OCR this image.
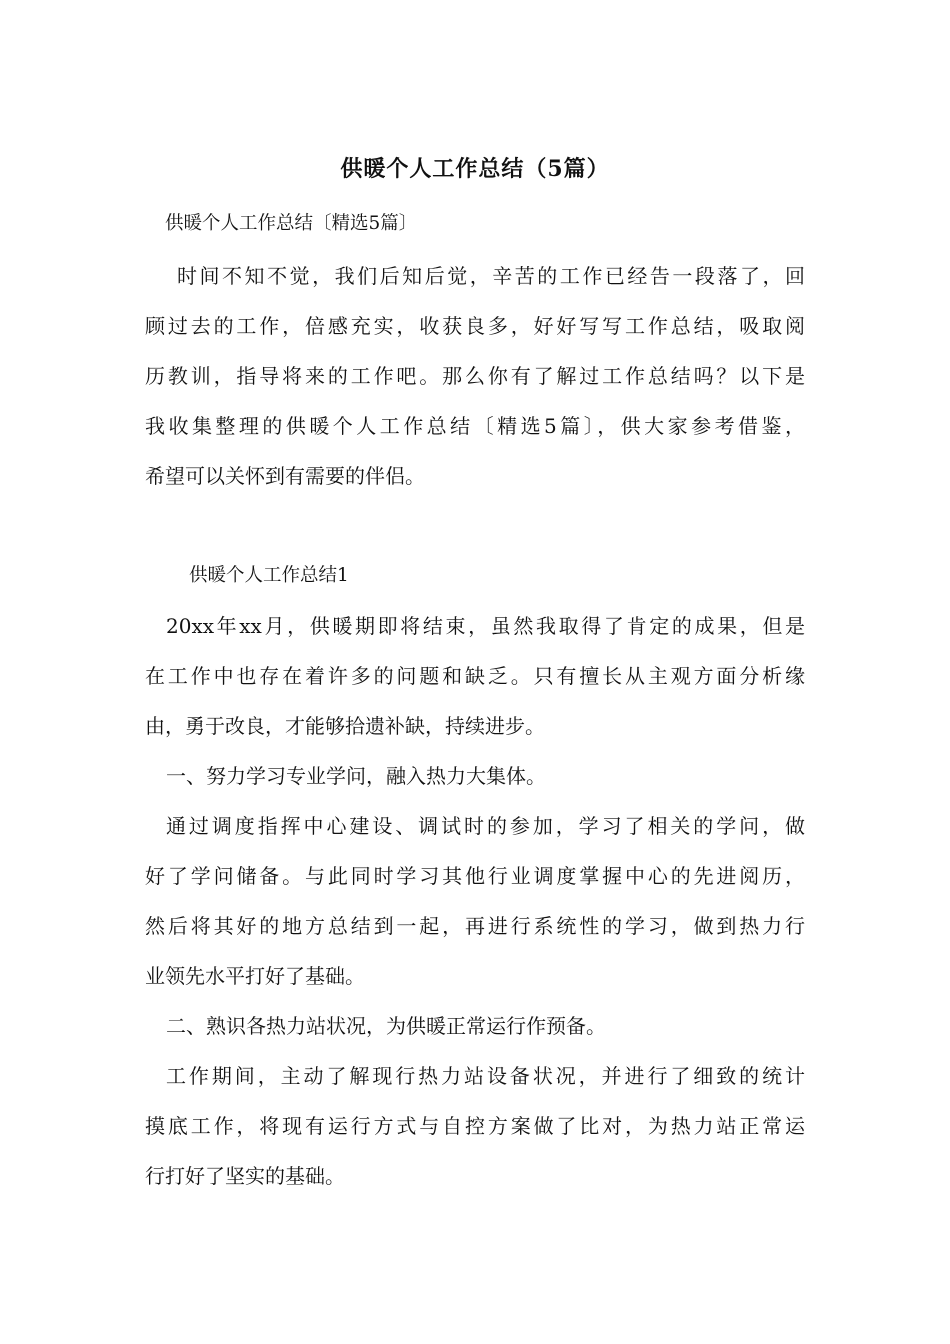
供暖个人工作总结（5篇）
供暖个人工作总结〔精选5篇〕
时间不知不觉，我们后知后觉，辛苦的工作已经告一段落了，回
顾过去的工作，倍感充实，收获良多，好好写写工作总结，吸取阅
历教训，指导将来的工作吧。那么你有了解过工作总结吗？以下是
我收集整理的供暖个人工作总结〔精选5篇〕，供大家参考借鉴，
希望可以关怀到有需要的伴侣。
供暖个人工作总结1
20xx年xx月，供暖期即将结束，虽然我取得了肯定的成果，但是
在工作中也存在着许多的问题和缺乏。只有擅长从主观方面分析缘
由，勇于改良，才能够拾遗补缺，持续进步。
一、努力学习专业学问，融入热力大集体。
通过调度指挥中心建设、调试时的参加，学习了相关的学问，做
好了学问储备。与此同时学习其他行业调度掌握中心的先进阅历，
然后将其好的地方总结到一起，再进行系统性的学习，做到热力行
业领先水平打好了基础。
二、熟识各热力站状况，为供暖正常运行作预备。
工作期间，主动了解现行热力站设备状况，并进行了细致的统计
摸底工作，将现有运行方式与自控方案做了比对，为热力站正常运
行打好了坚实的基础。
